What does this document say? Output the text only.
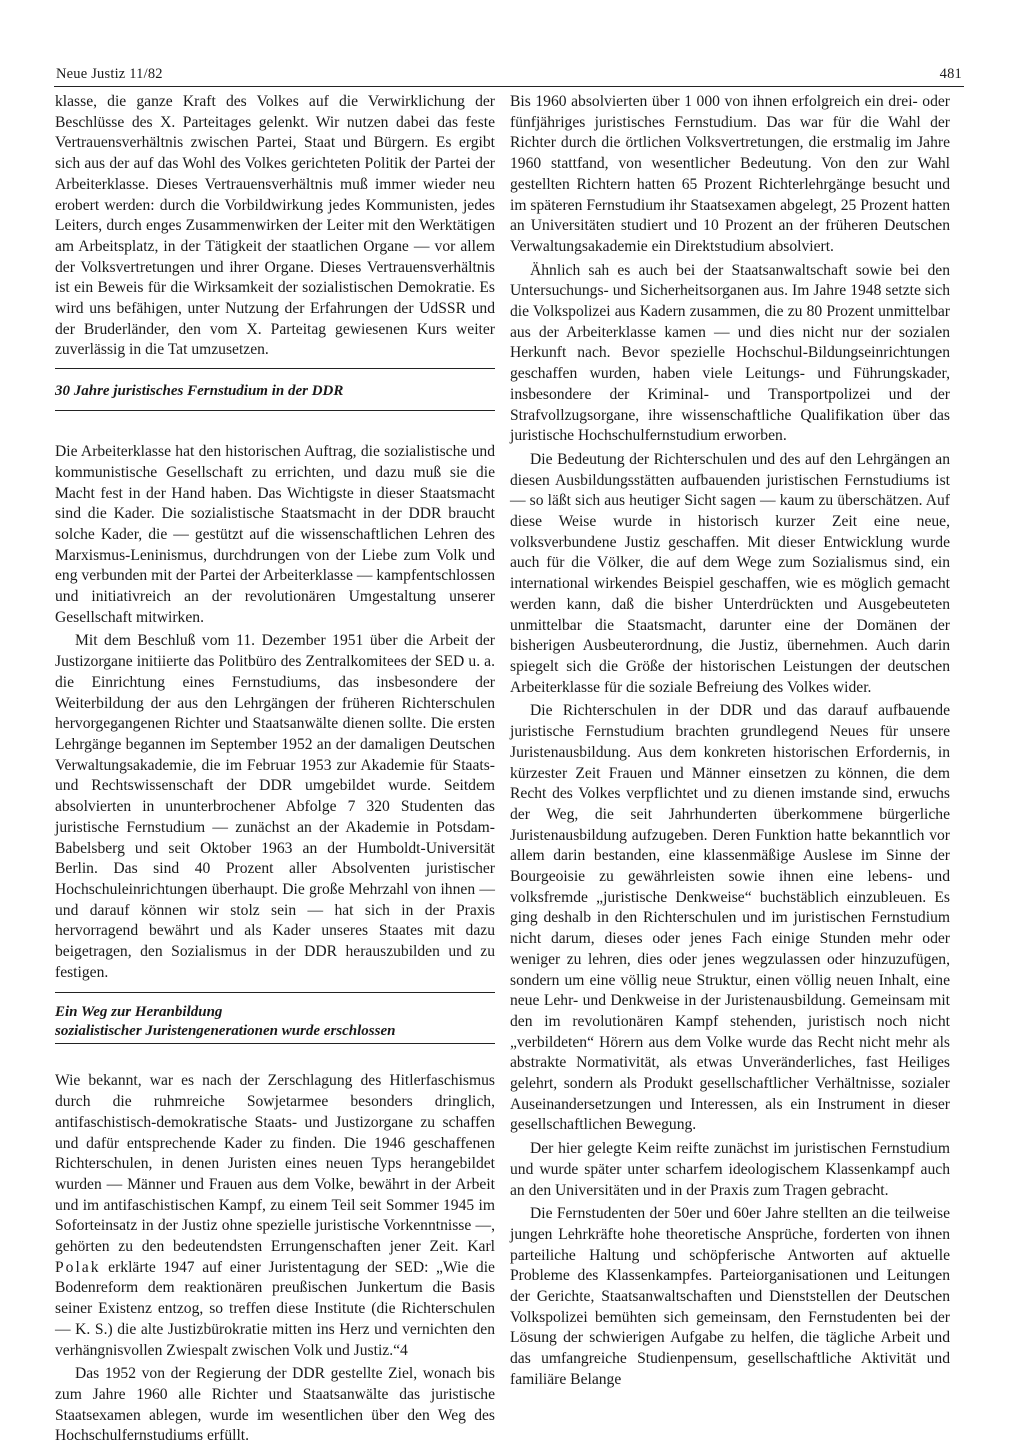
Neue Justiz 11/82	481

klasse, die ganze Kraft des Volkes auf die Verwirklichung der Beschlüsse des X. Parteitages gelenkt. Wir nutzen dabei das feste Vertrauensverhältnis zwischen Partei, Staat und Bürgern. Es ergibt sich aus der auf das Wohl des Volkes gerichteten Politik der Partei der Arbeiterklasse. Dieses Vertrauensverhältnis muß immer wieder neu erobert werden: durch die Vorbildwirkung jedes Kommunisten, jedes Leiters, durch enges Zusammenwirken der Leiter mit den Werktätigen am Arbeitsplatz, in der Tätigkeit der staatlichen Organe — vor allem der Volksvertretungen und ihrer Organe. Dieses Vertrauensverhältnis ist ein Beweis für die Wirksamkeit der sozialistischen Demokratie. Es wird uns befähigen, unter Nutzung der Erfahrungen der UdSSR und der Bruderländer, den vom X. Parteitag gewiesenen Kurs weiter zuverlässig in die Tat umzusetzen.

30 Jahre juristisches Fernstudium in der DDR

Die Arbeiterklasse hat den historischen Auftrag, die sozialistische und kommunistische Gesellschaft zu errichten, und dazu muß sie die Macht fest in der Hand haben. Das Wichtigste in dieser Staatsmacht sind die Kader. Die sozialistische Staatsmacht in der DDR braucht solche Kader, die — gestützt auf die wissenschaftlichen Lehren des Marxismus-Leninismus, durchdrungen von der Liebe zum Volk und eng verbunden mit der Partei der Arbeiterklasse — kampfentschlossen und initiativreich an der revolutionären Umgestaltung unserer Gesellschaft mitwirken.

Mit dem Beschluß vom 11. Dezember 1951 über die Arbeit der Justizorgane initiierte das Politbüro des Zentralkomitees der SED u. a. die Einrichtung eines Fernstudiums, das insbesondere der Weiterbildung der aus den Lehrgängen der früheren Richterschulen hervorgegangenen Richter und Staatsanwälte dienen sollte. Die ersten Lehrgänge begannen im September 1952 an der damaligen Deutschen Verwaltungsakademie, die im Februar 1953 zur Akademie für Staats- und Rechtswissenschaft der DDR umgebildet wurde. Seitdem absolvierten in ununterbrochener Abfolge 7 320 Studenten das juristische Fernstudium — zunächst an der Akademie in Potsdam-Babelsberg und seit Oktober 1963 an der Humboldt-Universität Berlin. Das sind 40 Prozent aller Absolventen juristischer Hochschuleinrichtungen überhaupt. Die große Mehrzahl von ihnen — und darauf können wir stolz sein — hat sich in der Praxis hervorragend bewährt und als Kader unseres Staates mit dazu beigetragen, den Sozialismus in der DDR herauszubilden und zu festigen.

Ein Weg zur Heranbildung
sozialistischer Juristengenerationen wurde erschlossen

Wie bekannt, war es nach der Zerschlagung des Hitlerfaschismus durch die ruhmreiche Sowjetarmee besonders dringlich, antifaschistisch-demokratische Staats- und Justizorgane zu schaffen und dafür entsprechende Kader zu finden. Die 1946 geschaffenen Richterschulen, in denen Juristen eines neuen Typs herangebildet wurden — Männer und Frauen aus dem Volke, bewährt in der Arbeit und im antifaschistischen Kampf, zu einem Teil seit Sommer 1945 im Soforteinsatz in der Justiz ohne spezielle juristische Vorkenntnisse —, gehörten zu den bedeutendsten Errungenschaften jener Zeit. Karl Polak erklärte 1947 auf einer Juristentagung der SED: „Wie die Bodenreform dem reaktionären preußischen Junkertum die Basis seiner Existenz entzog, so treffen diese Institute (die Richterschulen — K. S.) die alte Justizbürokratie mitten ins Herz und vernichten den verhängnisvollen Zwiespalt zwischen Volk und Justiz.“4

Das 1952 von der Regierung der DDR gestellte Ziel, wonach bis zum Jahre 1960 alle Richter und Staatsanwälte das juristische Staatsexamen ablegen, wurde im wesentlichen über den Weg des Hochschulfernstudiums erfüllt.

Bis 1960 absolvierten über 1 000 von ihnen erfolgreich ein drei- oder fünfjähriges juristisches Fernstudium. Das war für die Wahl der Richter durch die örtlichen Volksvertretungen, die erstmalig im Jahre 1960 stattfand, von wesentlicher Bedeutung. Von den zur Wahl gestellten Richtern hatten 65 Prozent Richterlehrgänge besucht und im späteren Fernstudium ihr Staatsexamen abgelegt, 25 Prozent hatten an Universitäten studiert und 10 Prozent an der früheren Deutschen Verwaltungsakademie ein Direktstudium absolviert.

Ähnlich sah es auch bei der Staatsanwaltschaft sowie bei den Untersuchungs- und Sicherheitsorganen aus. Im Jahre 1948 setzte sich die Volkspolizei aus Kadern zusammen, die zu 80 Prozent unmittelbar aus der Arbeiterklasse kamen — und dies nicht nur der sozialen Herkunft nach. Bevor spezielle Hochschul-Bildungseinrichtungen geschaffen wurden, haben viele Leitungs- und Führungskader, insbesondere der Kriminal- und Transportpolizei und der Strafvollzugsorgane, ihre wissenschaftliche Qualifikation über das juristische Hochschulfernstudium erworben.

Die Bedeutung der Richterschulen und des auf den Lehrgängen an diesen Ausbildungsstätten aufbauenden juristischen Fernstudiums ist — so läßt sich aus heutiger Sicht sagen — kaum zu überschätzen. Auf diese Weise wurde in historisch kurzer Zeit eine neue, volksverbundene Justiz geschaffen. Mit dieser Entwicklung wurde auch für die Völker, die auf dem Wege zum Sozialismus sind, ein international wirkendes Beispiel geschaffen, wie es möglich gemacht werden kann, daß die bisher Unterdrückten und Ausgebeuteten unmittelbar die Staatsmacht, darunter eine der Domänen der bisherigen Ausbeuterordnung, die Justiz, übernehmen. Auch darin spiegelt sich die Größe der historischen Leistungen der deutschen Arbeiterklasse für die soziale Befreiung des Volkes wider.

Die Richterschulen in der DDR und das darauf aufbauende juristische Fernstudium brachten grundlegend Neues für unsere Juristenausbildung. Aus dem konkreten historischen Erfordernis, in kürzester Zeit Frauen und Männer einsetzen zu können, die dem Recht des Volkes verpflichtet und zu dienen imstande sind, erwuchs der Weg, die seit Jahrhunderten überkommene bürgerliche Juristenausbildung aufzugeben. Deren Funktion hatte bekanntlich vor allem darin bestanden, eine klassenmäßige Auslese im Sinne der Bourgeoisie zu gewährleisten sowie ihnen eine lebens- und volksfremde „juristische Denkweise“ buchstäblich einzubleuen. Es ging deshalb in den Richterschulen und im juristischen Fernstudium nicht darum, dieses oder jenes Fach einige Stunden mehr oder weniger zu lehren, dies oder jenes wegzulassen oder hinzuzufügen, sondern um eine völlig neue Struktur, einen völlig neuen Inhalt, eine neue Lehr- und Denkweise in der Juristenausbildung. Gemeinsam mit den im revolutionären Kampf stehenden, juristisch noch nicht „verbildeten“ Hörern aus dem Volke wurde das Recht nicht mehr als abstrakte Normativität, als etwas Unveränderliches, fast Heiliges gelehrt, sondern als Produkt gesellschaftlicher Verhältnisse, sozialer Auseinandersetzungen und Interessen, als ein Instrument in dieser gesellschaftlichen Bewegung.

Der hier gelegte Keim reifte zunächst im juristischen Fernstudium und wurde später unter scharfem ideologischem Klassenkampf auch an den Universitäten und in der Praxis zum Tragen gebracht.

Die Fernstudenten der 50er und 60er Jahre stellten an die teilweise jungen Lehrkräfte hohe theoretische Ansprüche, forderten von ihnen parteiliche Haltung und schöpferische Antworten auf aktuelle Probleme des Klassenkampfes. Parteiorganisationen und Leitungen der Gerichte, Staatsanwaltschaften und Dienststellen der Deutschen Volkspolizei bemühten sich gemeinsam, den Fernstudenten bei der Lösung der schwierigen Aufgabe zu helfen, die tägliche Arbeit und das umfangreiche Studienpensum, gesellschaftliche Aktivität und familiäre Belange
